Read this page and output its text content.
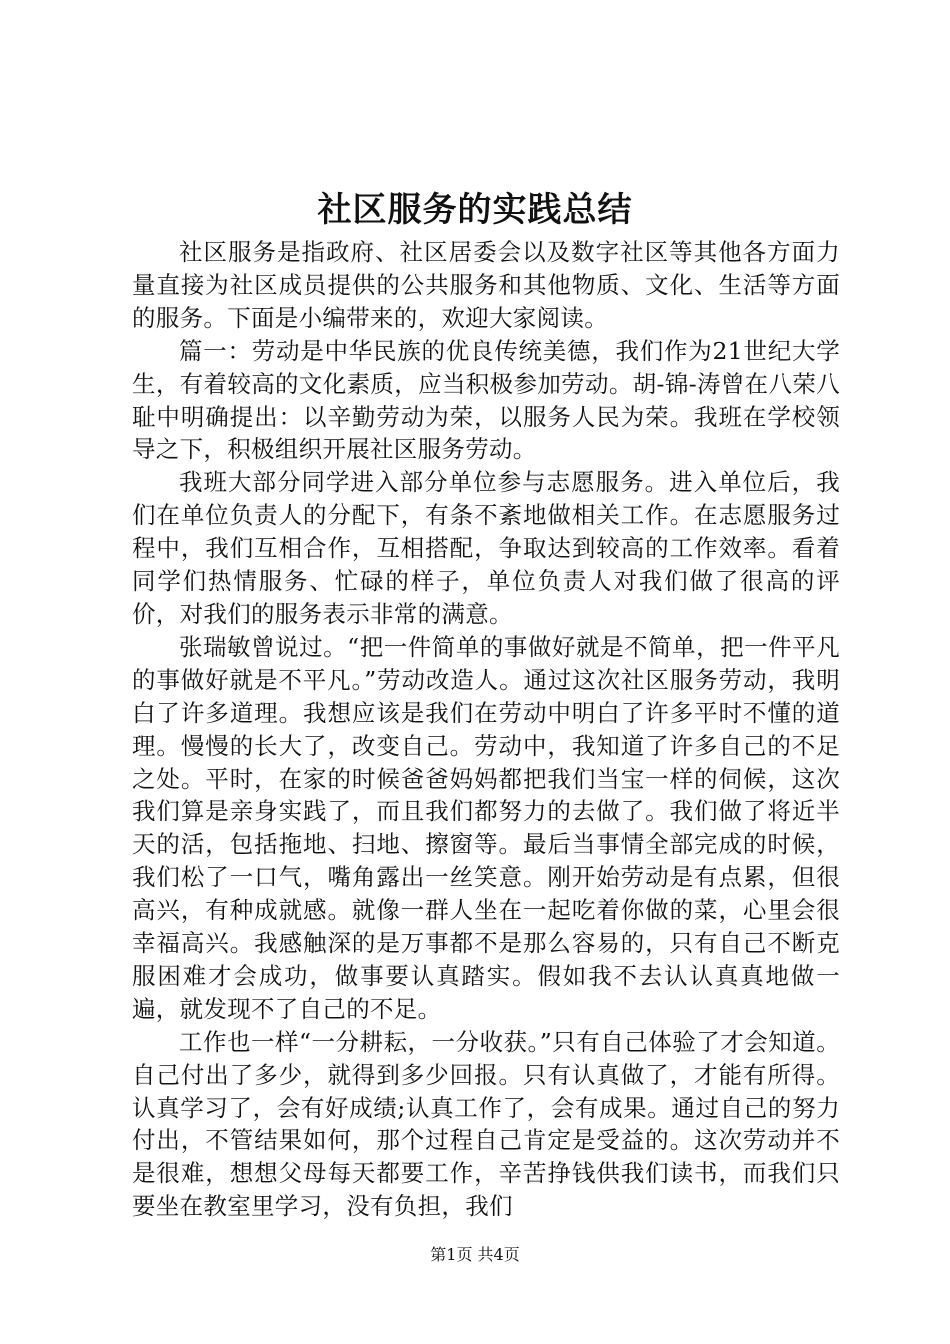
社区服务的实践总结

社区服务是指政府、社区居委会以及数字社区等其他各方面力量直接为社区成员提供的公共服务和其他物质、文化、生活等方面的服务。下面是小编带来的，欢迎大家阅读。

篇一：劳动是中华民族的优良传统美德，我们作为21世纪大学生，有着较高的文化素质，应当积极参加劳动。胡-锦-涛曾在八荣八耻中明确提出：以辛勤劳动为荣，以服务人民为荣。我班在学校领导之下，积极组织开展社区服务劳动。

我班大部分同学进入部分单位参与志愿服务。进入单位后，我们在单位负责人的分配下，有条不紊地做相关工作。在志愿服务过程中，我们互相合作，互相搭配，争取达到较高的工作效率。看着同学们热情服务、忙碌的样子，单位负责人对我们做了很高的评价，对我们的服务表示非常的满意。

张瑞敏曾说过。“把一件简单的事做好就是不简单，把一件平凡的事做好就是不平凡。”劳动改造人。通过这次社区服务劳动，我明白了许多道理。我想应该是我们在劳动中明白了许多平时不懂的道理。慢慢的长大了，改变自己。劳动中，我知道了许多自己的不足之处。平时，在家的时候爸爸妈妈都把我们当宝一样的伺候，这次我们算是亲身实践了，而且我们都努力的去做了。我们做了将近半天的活，包括拖地、扫地、擦窗等。最后当事情全部完成的时候，我们松了一口气，嘴角露出一丝笑意。刚开始劳动是有点累，但很高兴，有种成就感。就像一群人坐在一起吃着你做的菜，心里会很幸福高兴。我感触深的是万事都不是那么容易的，只有自己不断克服困难才会成功，做事要认真踏实。假如我不去认认真真地做一遍，就发现不了自己的不足。

工作也一样“一分耕耘，一分收获。”只有自己体验了才会知道。自己付出了多少，就得到多少回报。只有认真做了，才能有所得。认真学习了，会有好成绩;认真工作了，会有成果。通过自己的努力付出，不管结果如何，那个过程自己肯定是受益的。这次劳动并不是很难，想想父母每天都要工作，辛苦挣钱供我们读书，而我们只要坐在教室里学习，没有负担，我们

第1页 共4页
